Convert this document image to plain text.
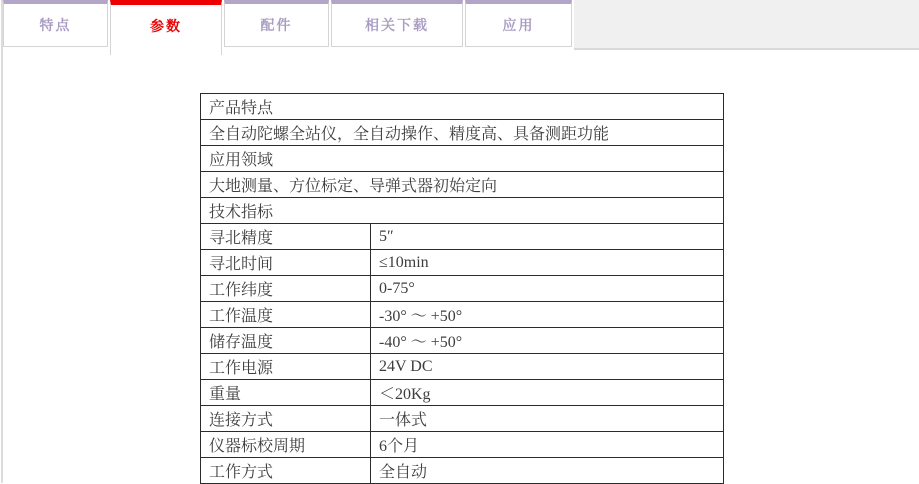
特点	参数	配件	相关下载	应用
产品特点	
全自动陀螺全站仪，全自动操作、精度高、具备测距功能	
应用领域	
大地测量、方位标定、导弹式器初始定向	
技术指标	
寻北精度	5″
寻北时间	≤10min
工作纬度	0-75°
工作温度	-30° ～ +50°
储存温度	-40° ～ +50°
工作电源	24V DC
重量	＜20Kg
连接方式	一体式
仪器标校周期	6个月
工作方式	全自动
